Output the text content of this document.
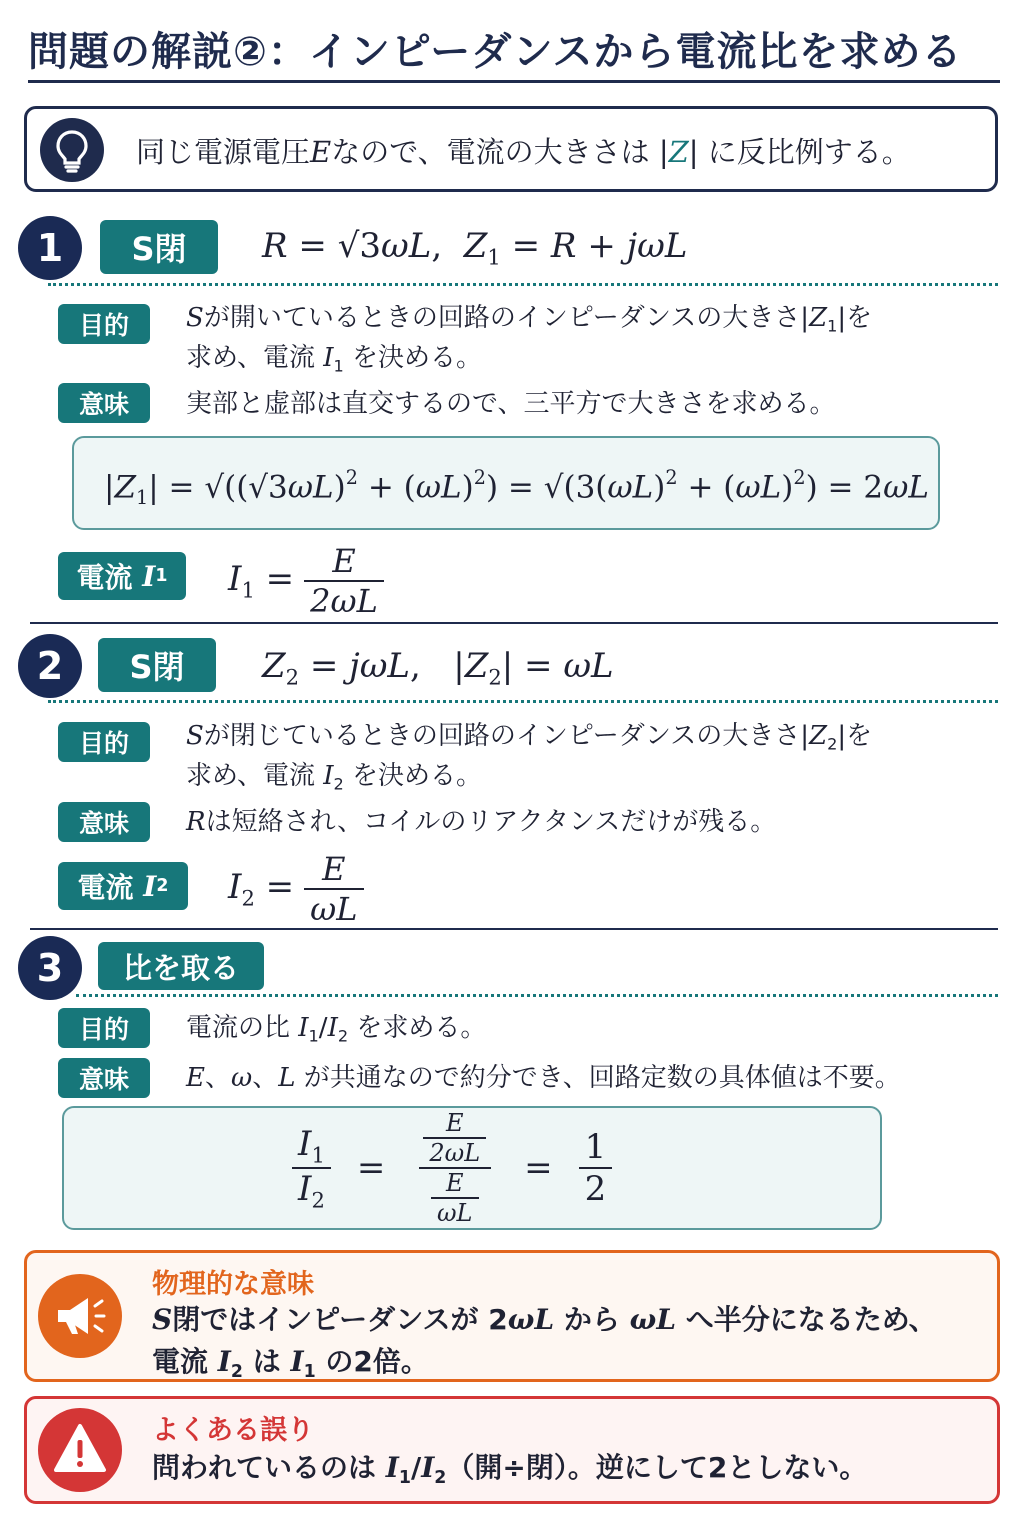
問題の解説②：インピーダンスから電流比を求める
同じ電源電圧Eなので、電流の大きさは |Z| に反比例する。
1	S閉	R = √3ωL,  $Z_1 = R + j\omega L$
目的	Sが開いているときの回路のインピーダンスの大きさ$|Z_1|$を
求め、電流 $I_1$ を決める。
意味	実部と虚部は直交するので、三平方で大きさを求める。
$|Z_1| = √((√3\omega L)^2 + (\omega L)^2) = √(3(\omega L)^2 + (\omega L)^2) = 2\omega L$
電流 I 1 $I_1 = \frac{E}{2\omega L}$
2	S閉	$Z_2 = j\omega L$,   $|Z_2| = \omega L$
目的	Sが閉じているときの回路のインピーダンスの大きさ$|Z_2|$を
求め、電流 $I_2$ を決める。
意味	Rは短絡され、コイルのリアクタンスだけが残る。
電流 I 2 $I_2 = \frac{E}{\omega L}$
3	比を取る
目的	電流の比 $I_1/I_2$ を求める。
意味	E、ω、L が共通なので約分でき、回路定数の具体値は不要。
$\frac{I_1}{I_2} = \frac{\frac{E}{2\omega L}}{\frac{E}{\omega L}} = \frac{1}{2}$
物理的な意味
S閉ではインピーダンスが 2ωL から ωL へ半分になるため、
電流 $I_2$ は $I_1$ の2倍。
よくある誤り
問われているのは $I_1/I_2$（開÷閉）。逆にして2としない。
